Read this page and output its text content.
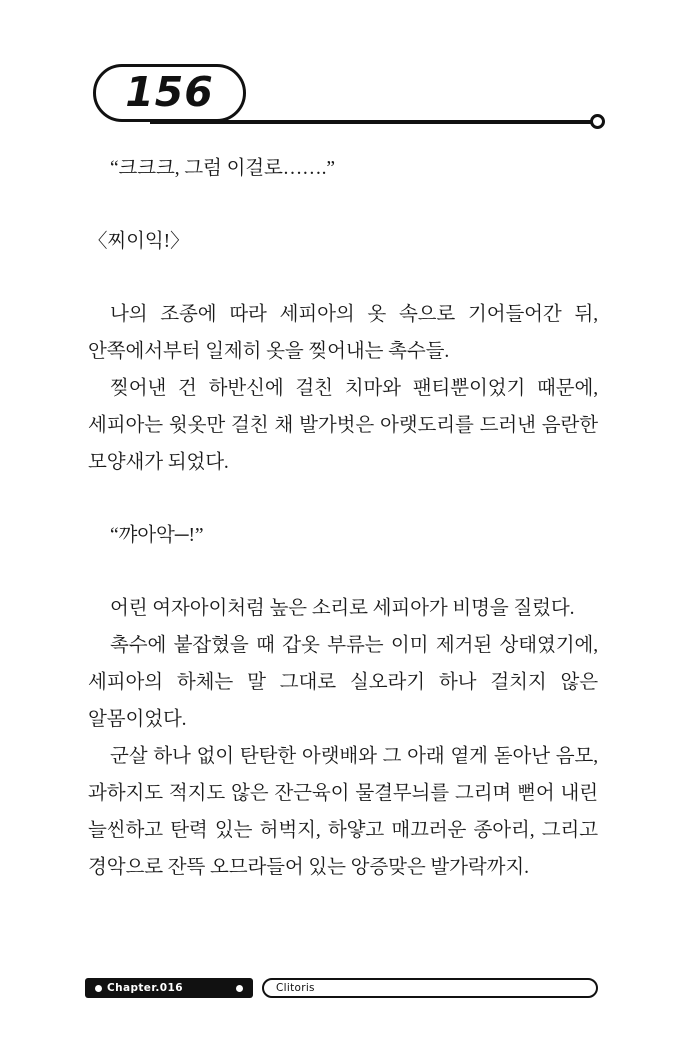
156

“크크크, 그럼 이걸로…….”

〈찌이익!〉

나의 조종에 따라 세피아의 옷 속으로 기어들어간 뒤, 안쪽에서부터 일제히 옷을 찢어내는 촉수들.

찢어낸 건 하반신에 걸친 치마와 팬티뿐이었기 때문에, 세피아는 윗옷만 걸친 채 발가벗은 아랫도리를 드러낸 음란한 모양새가 되었다.

“꺄아악─!”

어린 여자아이처럼 높은 소리로 세피아가 비명을 질렀다.

촉수에 붙잡혔을 때 갑옷 부류는 이미 제거된 상태였기에, 세피아의 하체는 말 그대로 실오라기 하나 걸치지 않은 알몸이었다.

군살 하나 없이 탄탄한 아랫배와 그 아래 옅게 돋아난 음모, 과하지도 적지도 않은 잔근육이 물결무늬를 그리며 뻗어 내린 늘씬하고 탄력 있는 허벅지, 하얗고 매끄러운 종아리, 그리고 경악으로 잔뜩 오므라들어 있는 앙증맞은 발가락까지.

Chapter.016	Clitoris
